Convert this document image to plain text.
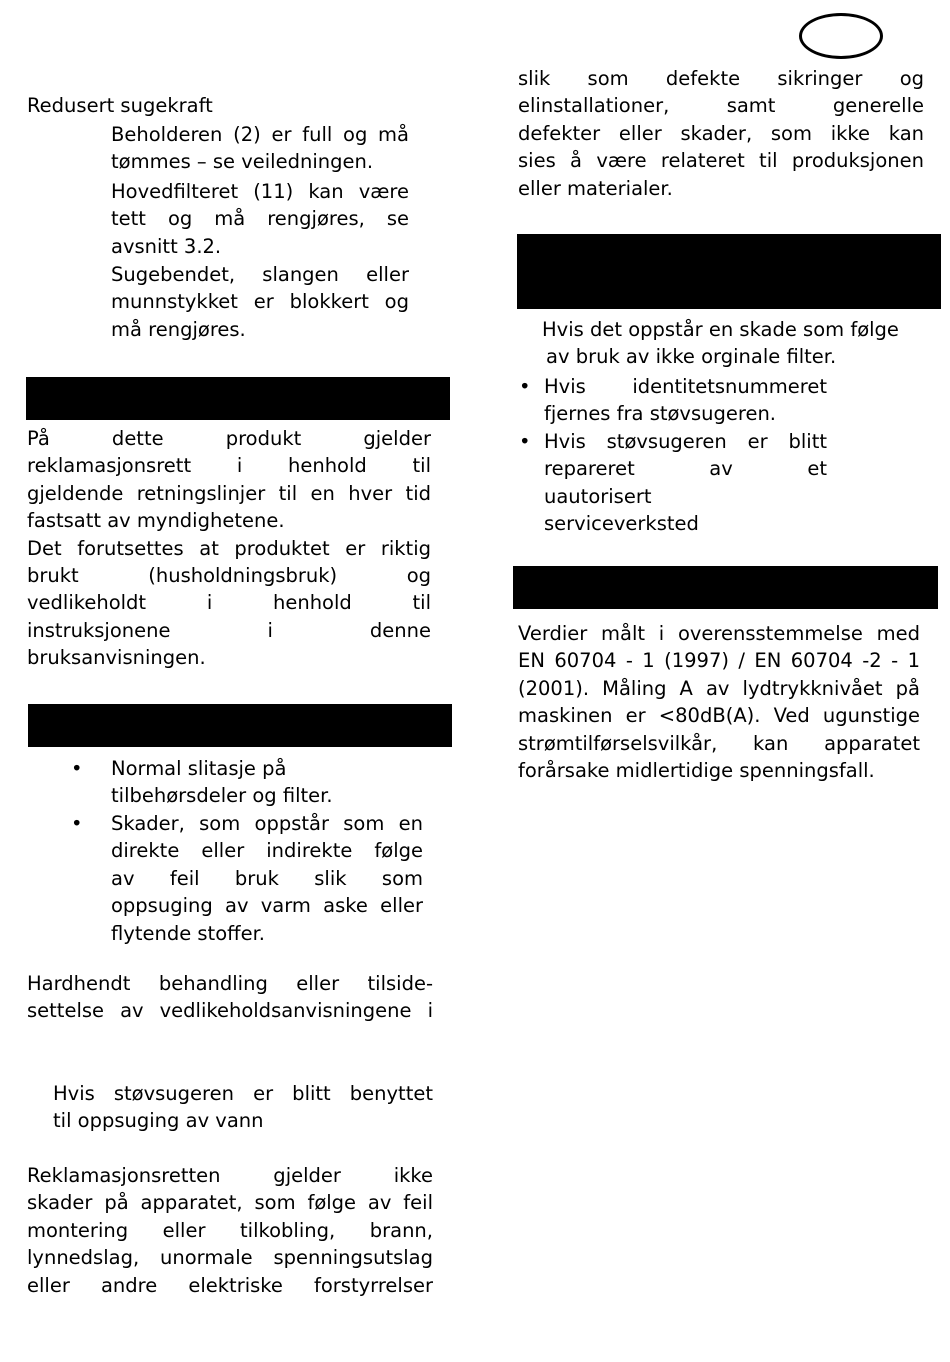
Redusert sugekraft
Beholderen (2) er full og må
tømmes – se veiledningen.
Hovedfilteret (11) kan være
tett og må rengjøres, se
avsnitt 3.2.
Sugebendet, slangen eller
munnstykket er blokkert og
må rengjøres.
På dette produkt gjelder
reklamasjonsrett i henhold til
gjeldende retningslinjer til en hver tid
fastsatt av myndighetene.
Det forutsettes at produktet er riktig
brukt (husholdningsbruk) og
vedlikeholdt i henhold til
instruksjonene i denne
bruksanvisningen.
• Normal slitasje på
tilbehørsdeler og filter.
• Skader, som oppstår som en
direkte eller indirekte følge
av feil bruk slik som
oppsuging av varm aske eller
flytende stoffer.
Hardhendt behandling eller tilside-
settelse av vedlikeholdsanvisningene i
Hvis støvsugeren er blitt benyttet
til oppsuging av vann
Reklamasjonsretten gjelder ikke
skader på apparatet, som følge av feil
montering eller tilkobling, brann,
lynnedslag, unormale spenningsutslag
eller andre elektriske forstyrrelser
slik som defekte sikringer og
elinstallationer, samt generelle
defekter eller skader, som ikke kan
sies å være relateret til produksjonen
eller materialer.
Hvis det oppstår en skade som følge
av bruk av ikke orginale filter.
• Hvis identitetsnummeret
fjernes fra støvsugeren.
• Hvis støvsugeren er blitt
repareret av et
uautorisert
serviceverksted
Verdier målt i overensstemmelse med
EN 60704 - 1 (1997) / EN 60704 -2 - 1
(2001). Måling A av lydtrykknivået på
maskinen er <80dB(A). Ved ugunstige
strømtilførselsvilkår, kan apparatet
forårsake midlertidige spenningsfall.
